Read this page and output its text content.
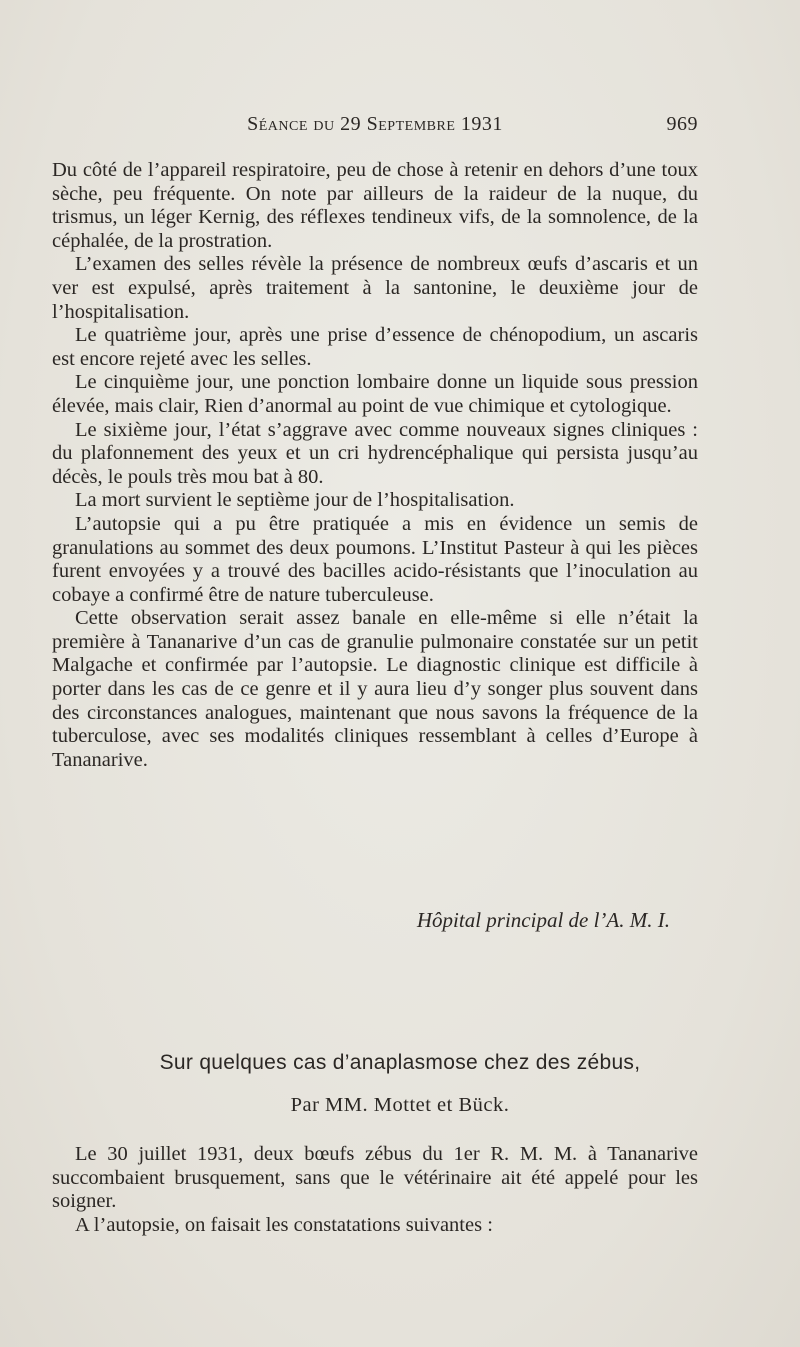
Séance du 29 Septembre 1931	969

Du côté de l’appareil respiratoire, peu de chose à retenir en dehors d’une toux sèche, peu fréquente. On note par ailleurs de la raideur de la nuque, du trismus, un léger Kernig, des réflexes tendineux vifs, de la somnolence, de la céphalée, de la prostration.

L’examen des selles révèle la présence de nombreux œufs d’ascaris et un ver est expulsé, après traitement à la santonine, le deuxième jour de l’hospitalisation.

Le quatrième jour, après une prise d’essence de chénopodium, un ascaris est encore rejeté avec les selles.

Le cinquième jour, une ponction lombaire donne un liquide sous pression élevée, mais clair, Rien d’anormal au point de vue chimique et cytologique.

Le sixième jour, l’état s’aggrave avec comme nouveaux signes cliniques : du plafonnement des yeux et un cri hydrencéphalique qui persista jusqu’au décès, le pouls très mou bat à 80.

La mort survient le septième jour de l’hospitalisation.

L’autopsie qui a pu être pratiquée a mis en évidence un semis de granulations au sommet des deux poumons. L’Institut Pasteur à qui les pièces furent envoyées y a trouvé des bacilles acido-résistants que l’inoculation au cobaye a confirmé être de nature tuberculeuse.

Cette observation serait assez banale en elle-même si elle n’était la première à Tananarive d’un cas de granulie pulmonaire constatée sur un petit Malgache et confirmée par l’autopsie. Le diagnostic clinique est difficile à porter dans les cas de ce genre et il y aura lieu d’y songer plus souvent dans des circonstances analogues, maintenant que nous savons la fréquence de la tuberculose, avec ses modalités cliniques ressemblant à celles d’Europe à Tananarive.

Hôpital principal de l’A. M. I.
Sur quelques cas d’anaplasmose chez des zébus,
Par MM. Mottet et Bück.

Le 30 juillet 1931, deux bœufs zébus du 1er R. M. M. à Tananarive succombaient brusquement, sans que le vétérinaire ait été appelé pour les soigner.

A l’autopsie, on faisait les constatations suivantes :
